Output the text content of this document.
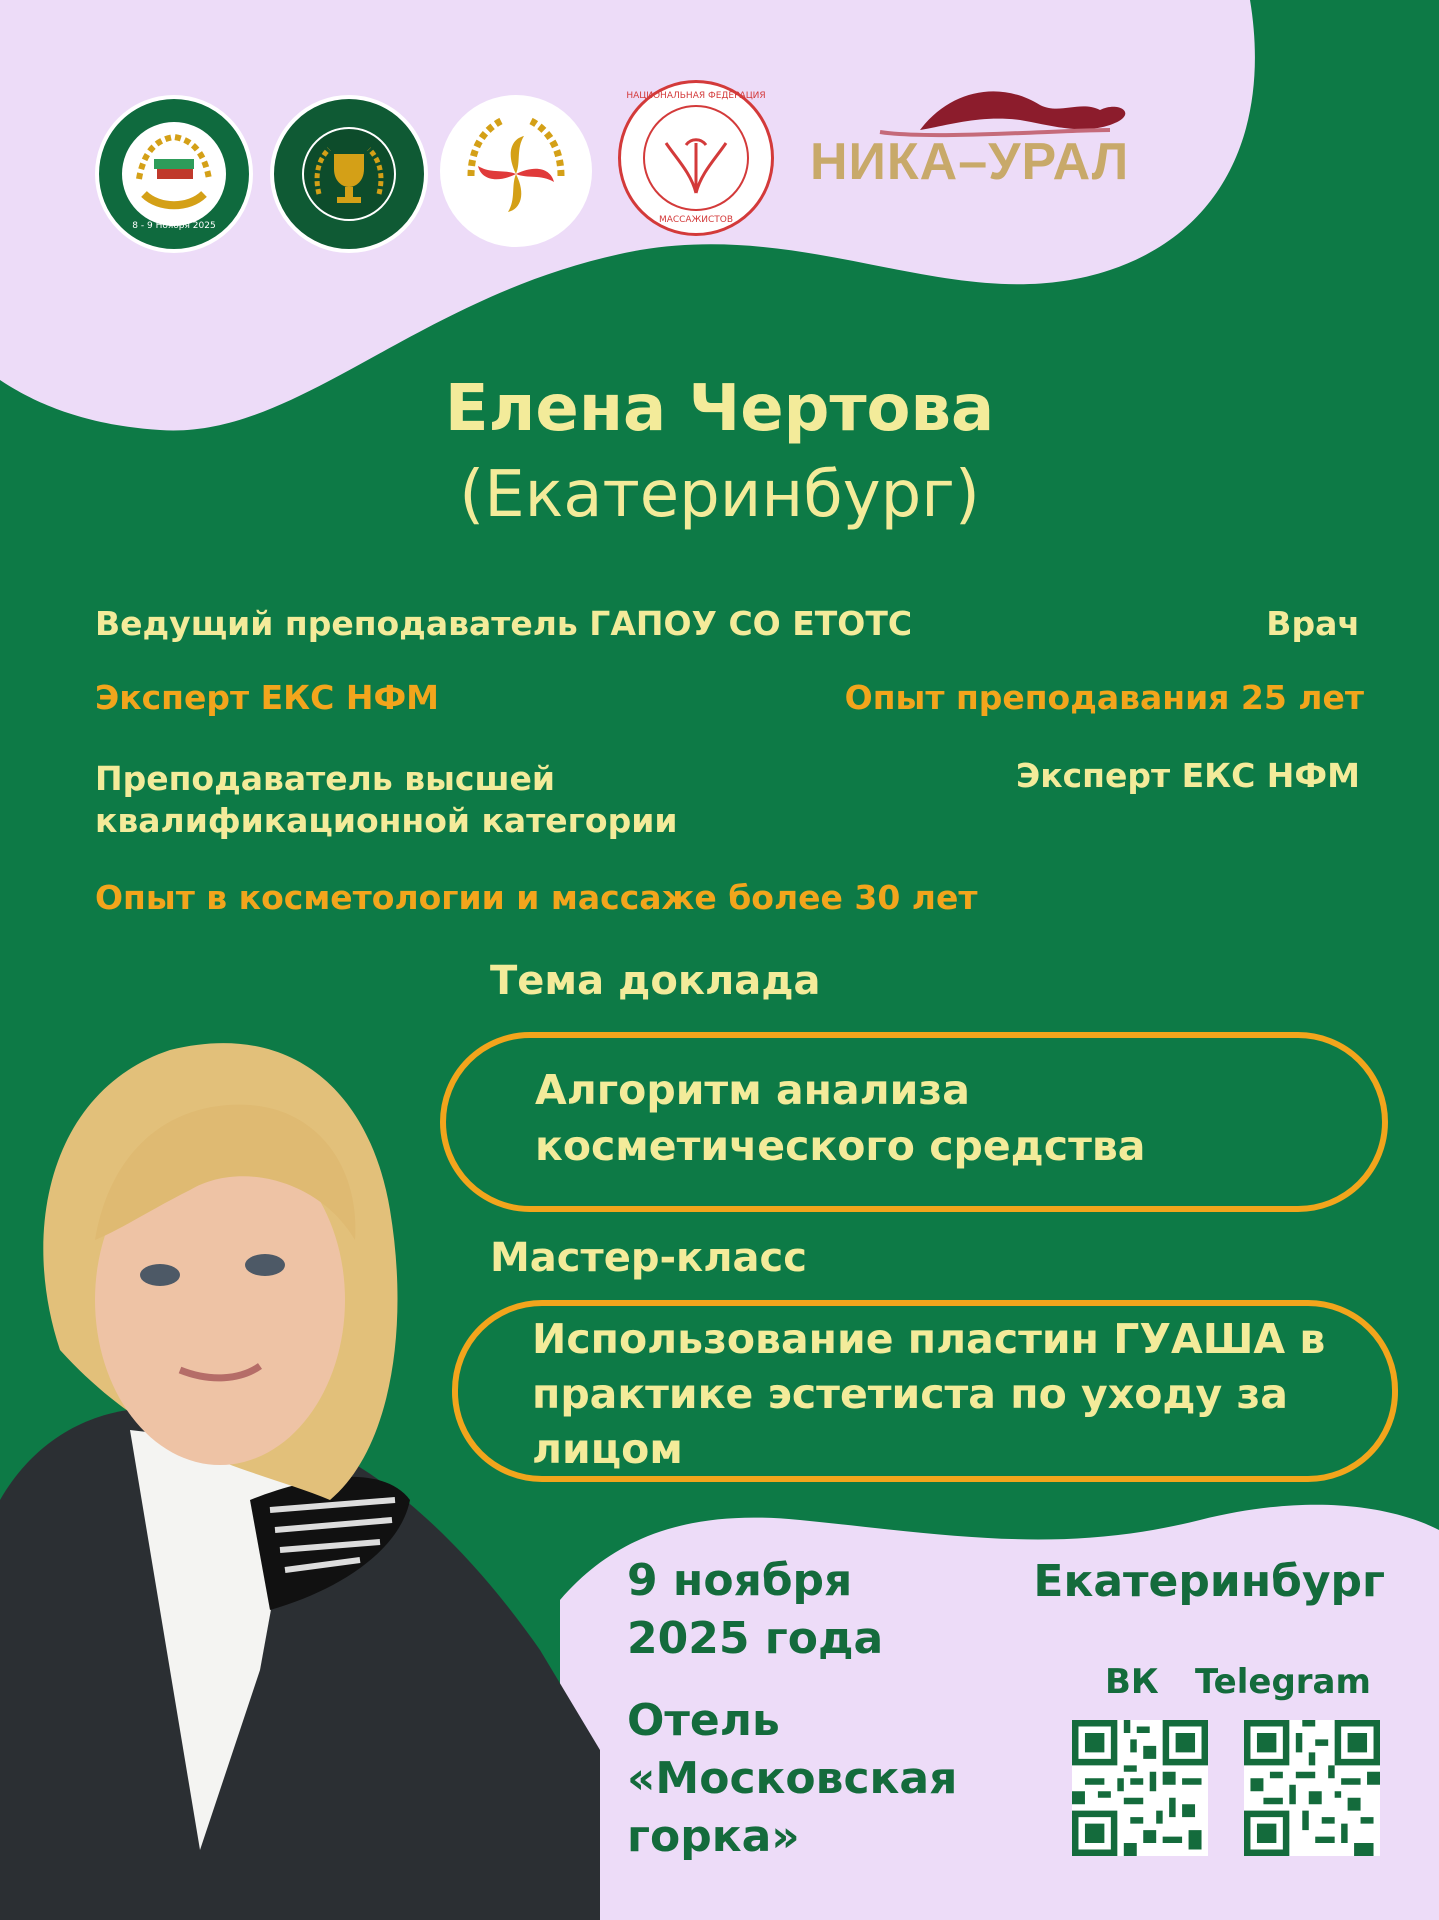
8 - 9 Ноября 2025
НАЦИОНАЛЬНАЯ ФЕДЕРАЦИЯ
МАССАЖИСТОВ
НИКА–УРАЛ
Елена Чертова
(Екатеринбург)
Ведущий преподаватель ГАПОУ СО ЕТОТС	Врач
Эксперт ЕКС НФМ	Опыт преподавания 25 лет
Преподаватель высшей квалификационной категории
Эксперт ЕКС НФМ
Опыт в косметологии и массаже более 30 лет
Тема доклада
Алгоритм анализа косметического средства
Мастер-класс
Использование пластин ГУАША в практике эстетиста по уходу за лицом
9 ноября 2025 года
Екатеринбург
Отель «Московская горка»
ВК Telegram
